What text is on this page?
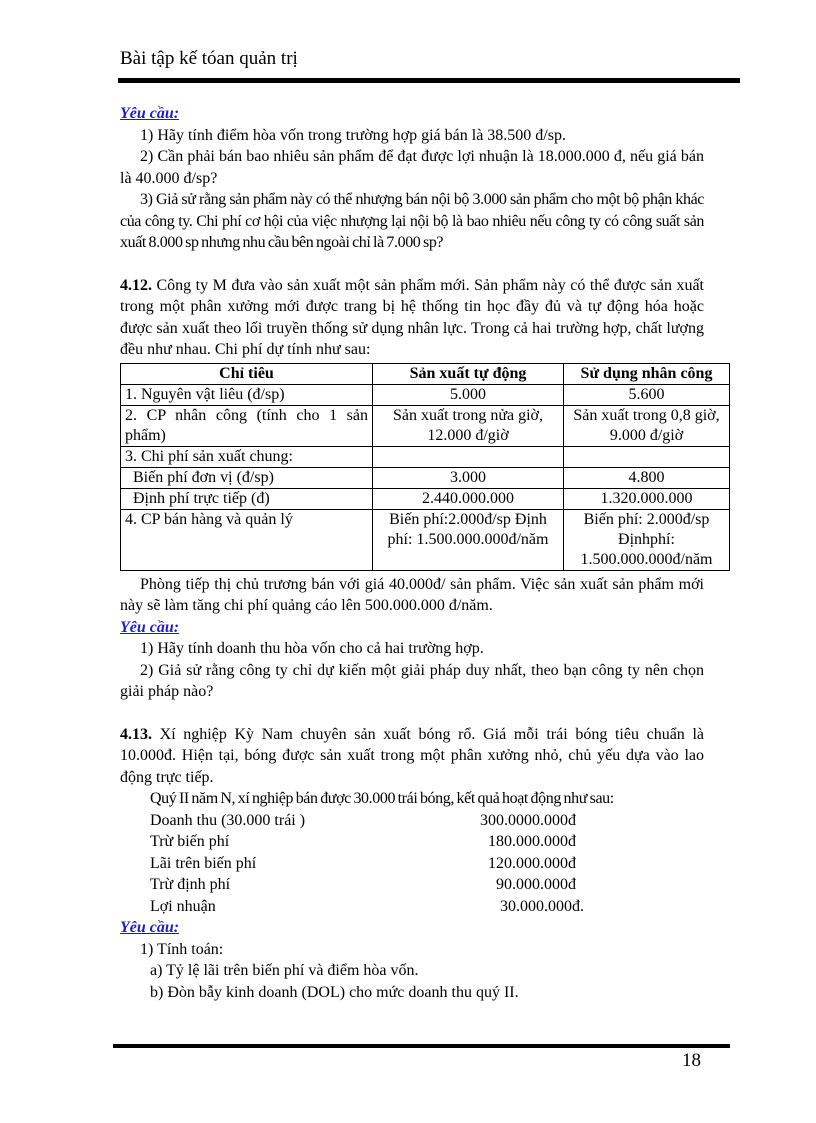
Bài tập kế tóan quản trị
Yêu cầu:

1) Hãy tính điểm hòa vốn trong trường hợp giá bán là 38.500 đ/sp.

2) Cần phải bán bao nhiêu sản phẩm để đạt được lợi nhuận là 18.000.000 đ, nếu giá bán là 40.000 đ/sp?

3) Giả sử rằng sản phẩm này có thể nhượng bán nội bộ 3.000 sản phẩm cho một bộ phận khác của công ty. Chi phí cơ hội của việc nhượng lại nội bộ là bao nhiêu nếu công ty có công suất sản xuất 8.000 sp nhưng nhu cầu bên ngoài chỉ là 7.000 sp?

4.12. Công ty M đưa vào sản xuất một sản phẩm mới. Sản phẩm này có thể được sản xuất trong một phân xưởng mới được trang bị hệ thống tin học đầy đủ và tự động hóa hoặc được sản xuất theo lối truyền thống sử dụng nhân lực. Trong cả hai trường hợp, chất lượng đều như nhau. Chi phí dự tính như sau:

Chỉ tiêu	Sản xuất tự động	Sử dụng nhân công
1. Nguyên vật liêu (đ/sp)	5.000	5.600
2. CP nhân công (tính cho 1 sản phẩm)	Sản xuất trong nửa giờ, 12.000 đ/giờ	Sản xuất trong 0,8 giờ, 9.000 đ/giờ
3. Chi phí sản xuất chung:		
Biến phí đơn vị (đ/sp)	3.000	4.800
Định phí trực tiếp (đ)	2.440.000.000	1.320.000.000
4. CP bán hàng và quản lý	Biến phí:2.000đ/sp Định phí: 1.500.000.000đ/năm	Biến phí: 2.000đ/sp Địnhphí: 1.500.000.000đ/năm

Phòng tiếp thị chủ trương bán với giá 40.000đ/ sản phẩm. Việc sản xuất sản phẩm mới này sẽ làm tăng chi phí quảng cáo lên 500.000.000 đ/năm.

Yêu cầu:

1) Hãy tính doanh thu hòa vốn cho cả hai trường hợp.

2) Giả sử rằng công ty chỉ dự kiến một giải pháp duy nhất, theo bạn công ty nên chọn giải pháp nào?

4.13. Xí nghiệp Kỳ Nam chuyên sản xuất bóng rổ. Giá mỗi trái bóng tiêu chuẩn là 10.000đ. Hiện tại, bóng được sản xuất trong một phân xưởng nhỏ, chủ yếu dựa vào lao động trực tiếp.

Quý II năm N, xí nghiệp bán được 30.000 trái bóng, kết quả hoạt động như sau:

Doanh thu (30.000 trái )	300.0000.000đ
Trừ biến phí	180.000.000đ
Lãi trên biến phí	120.000.000đ
Trừ định phí	90.000.000đ
Lợi nhuận	30.000.000đ.
Yêu cầu:

1) Tính toán:

a) Tỷ lệ lãi trên biến phí và điểm hòa vốn.

b) Đòn bẫy kinh doanh (DOL) cho mức doanh thu quý II.

18
